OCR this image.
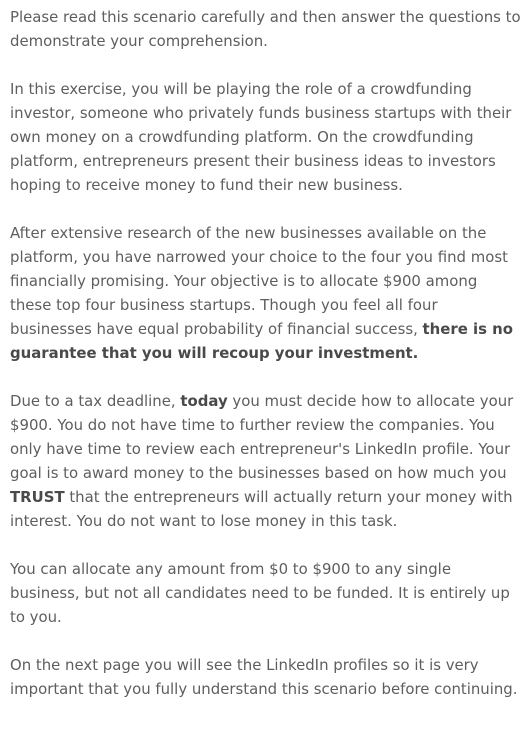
Please read this scenario carefully and then answer the questions to demonstrate your comprehension.

In this exercise, you will be playing the role of a crowdfunding investor, someone who privately funds business startups with their own money on a crowdfunding platform. On the crowdfunding platform, entrepreneurs present their business ideas to investors hoping to receive money to fund their new business.

After extensive research of the new businesses available on the platform, you have narrowed your choice to the four you find most financially promising. Your objective is to allocate $900 among these top four business startups. Though you feel all four businesses have equal probability of financial success, there is no guarantee that you will recoup your investment.

Due to a tax deadline, today you must decide how to allocate your $900. You do not have time to further review the companies. You only have time to review each entrepreneur's LinkedIn profile. Your goal is to award money to the businesses based on how much you TRUST that the entrepreneurs will actually return your money with interest. You do not want to lose money in this task.

You can allocate any amount from $0 to $900 to any single business, but not all candidates need to be funded. It is entirely up to you.

On the next page you will see the LinkedIn profiles so it is very important that you fully understand this scenario before continuing.
